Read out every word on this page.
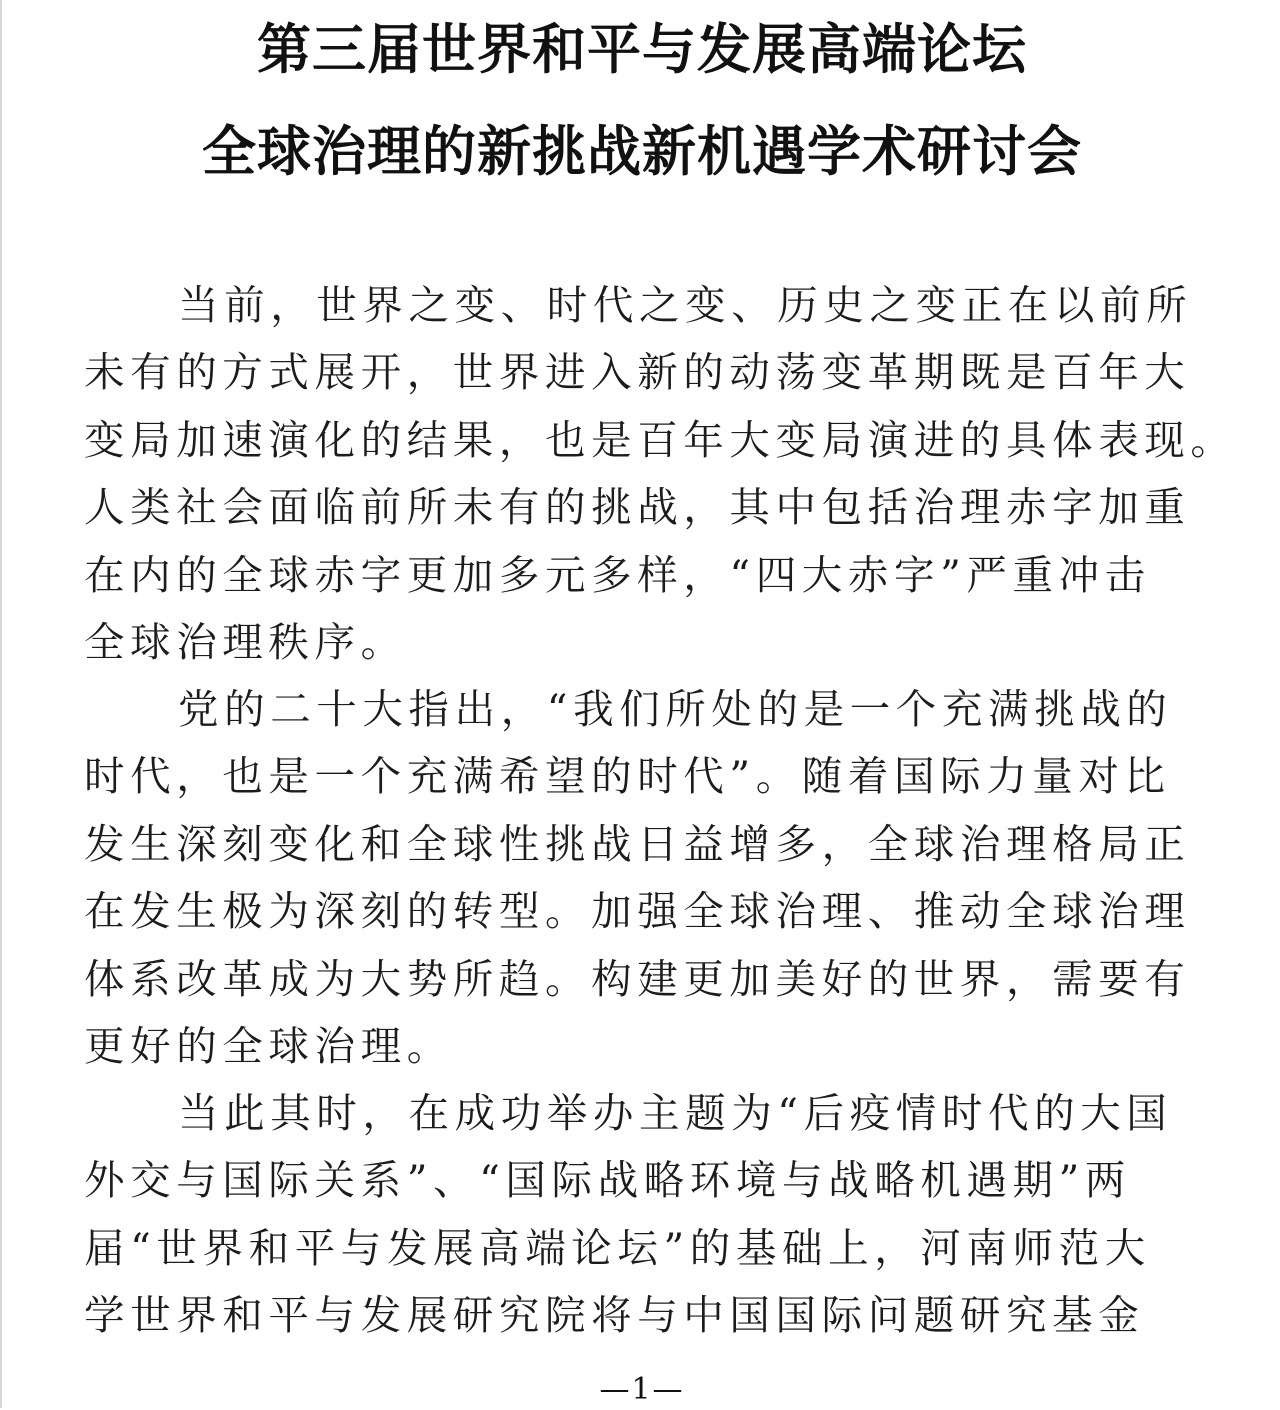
第三届世界和平与发展高端论坛
全球治理的新挑战新机遇学术研讨会
当前，世界之变、时代之变、历史之变正在以前所
未有的方式展开，世界进入新的动荡变革期既是百年大
变局加速演化的结果，也是百年大变局演进的具体表现。
人类社会面临前所未有的挑战，其中包括治理赤字加重
在内的全球赤字更加多元多样，“四大赤字”严重冲击
全球治理秩序。
党的二十大指出，“我们所处的是一个充满挑战的
时代，也是一个充满希望的时代”。随着国际力量对比
发生深刻变化和全球性挑战日益增多，全球治理格局正
在发生极为深刻的转型。加强全球治理、推动全球治理
体系改革成为大势所趋。构建更加美好的世界，需要有
更好的全球治理。
当此其时，在成功举办主题为“后疫情时代的大国
外交与国际关系”、“国际战略环境与战略机遇期”两
届“世界和平与发展高端论坛”的基础上，河南师范大
学世界和平与发展研究院将与中国国际问题研究基金
—1—
